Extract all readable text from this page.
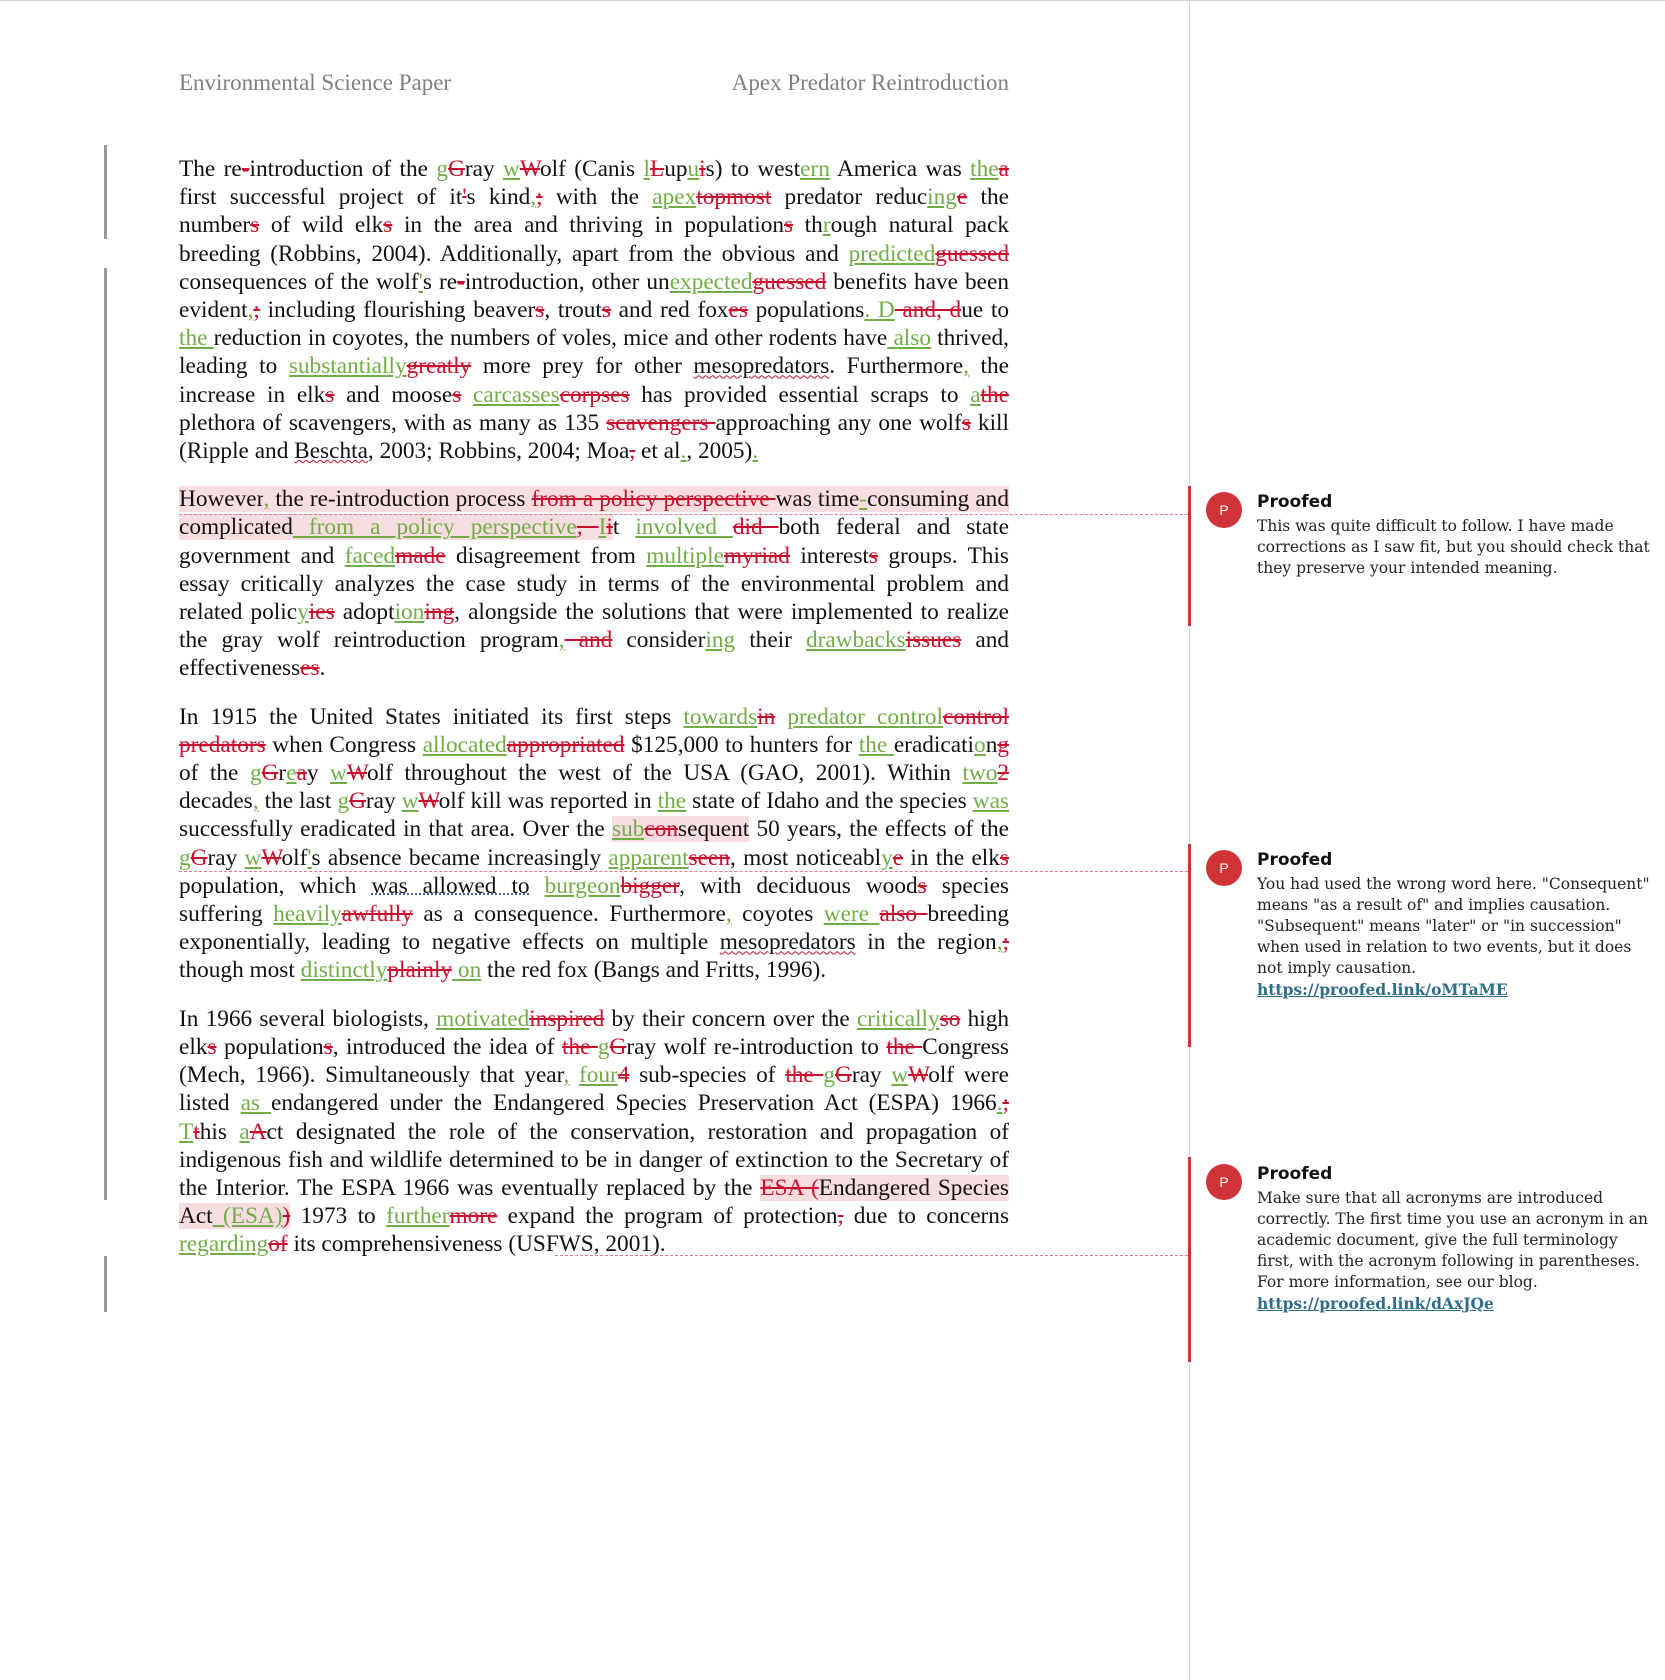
Environmental Science Paper	Apex Predator Reintroduction

The re-introduction of the gGray wWolf (Canis lLupuis) to western America was thea first successful project of it's kind,; with the apextopmost predator reducinge the numbers of wild elks in the area and thriving in populations through natural pack breeding (Robbins, 2004). Additionally, apart from the obvious and predictedguessed consequences of the wolf's re-introduction, other unexpectedguessed benefits have been evident,; including flourishing beavers, trouts and red foxes populations. D and, due to the reduction in coyotes, the numbers of voles, mice and other rodents have also thrived, leading to substantiallygreatly more prey for other mesopredators. Furthermore, the increase in elks and mooses carcassescorpses has provided essential scraps to athe plethora of scavengers, with as many as 135 scavengers approaching any one wolfs kill (Ripple and Beschta, 2003; Robbins, 2004; Moa, et al., 2005).

However, the re-introduction process from a policy perspective was time-consuming and complicated from a policy perspective, Iit involved did both federal and state government and facedmade disagreement from multiplemyriad interests groups. This essay critically analyzes the case study in terms of the environmental problem and related policyies adoptioning, alongside the solutions that were implemented to realize the gray wolf reintroduction program, and considering their drawbacksissues and effectivenesses.

In 1915 the United States initiated its first steps towardsin predator controlcontrol predators when Congress allocatedappropriated $125,000 to hunters for the eradicationg of the gGreay wWolf throughout the west of the USA (GAO, 2001). Within two2 decades, the last gGray wWolf kill was reported in the state of Idaho and the species was successfully eradicated in that area. Over the subconsequent 50 years, the effects of the gGray wWolf's absence became increasingly apparentseen, most noticeablye in the elks population, which was allowed to burgeonbigger, with deciduous woods species suffering heavilyawfully as a consequence. Furthermore, coyotes were also breeding exponentially, leading to negative effects on multiple mesopredators in the region,; though most distinctlyplainly on the red fox (Bangs and Fritts, 1996).

In 1966 several biologists, motivatedinspired by their concern over the criticallyso high elks populations, introduced the idea of the gGray wolf re-introduction to the Congress (Mech, 1966). Simultaneously that year, four4 sub-species of the gGray wWolf were listed as endangered under the Endangered Species Preservation Act (ESPA) 1966.; Tthis aAct designated the role of the conservation, restoration and propagation of indigenous fish and wildlife determined to be in danger of extinction to the Secretary of the Interior. The ESPA 1966 was eventually replaced by the ESA (Endangered Species Act (ESA)) 1973 to furthermore expand the program of protection, due to concerns regardingof its comprehensiveness (USFWS, 2001).

P	Proofed
This was quite difficult to follow. I have made corrections as I saw fit, but you should check that they preserve your intended meaning.
P	Proofed
You had used the wrong word here. "Consequent" means "as a result of" and implies causation. "Subsequent" means "later" or "in succession" when used in relation to two events, but it does not imply causation.
https://proofed.link/oMTaME
P	Proofed
Make sure that all acronyms are introduced correctly. The first time you use an acronym in an academic document, give the full terminology first, with the acronym following in parentheses. For more information, see our blog.
https://proofed.link/dAxJQe
